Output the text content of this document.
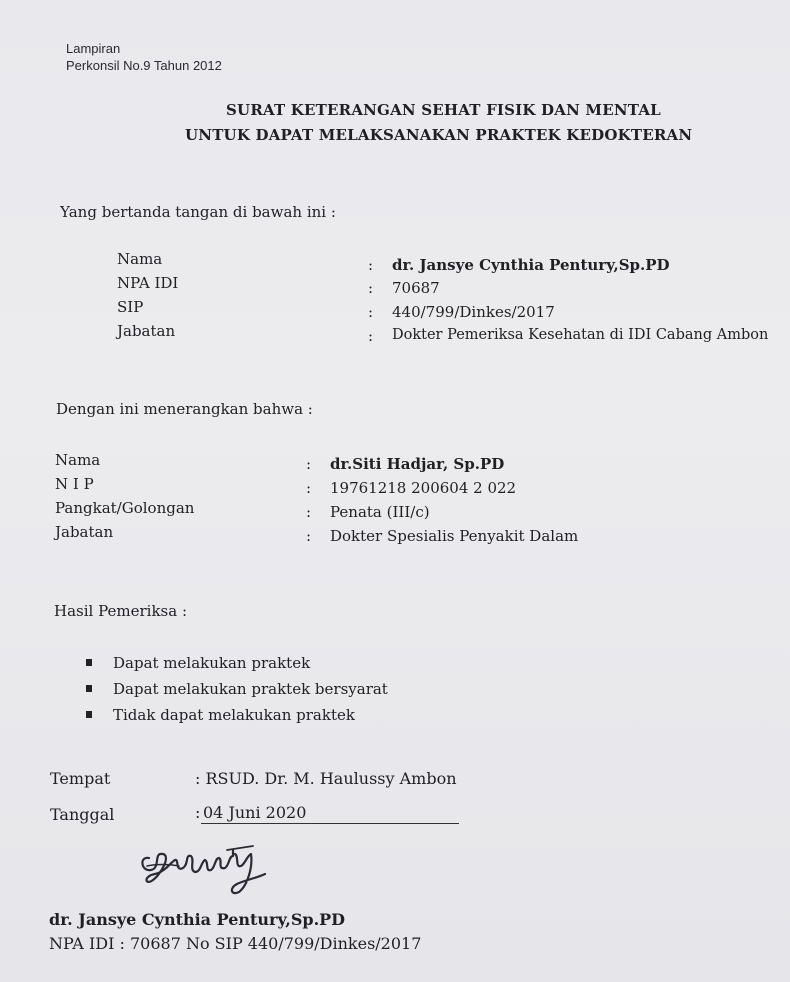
Lampiran
Perkonsil No.9 Tahun 2012
SURAT KETERANGAN SEHAT FISIK DAN MENTAL
UNTUK DAPAT MELAKSANAKAN PRAKTEK KEDOKTERAN
Yang bertanda tangan di bawah ini :
Nama	: dr. Jansye Cynthia Pentury,Sp.PD
NPA IDI	: 70687
SIP	: 440/799/Dinkes/2017
Jabatan	: Dokter Pemeriksa Kesehatan di IDI Cabang Ambon
Dengan ini menerangkan bahwa :
Nama	: dr.Siti Hadjar, Sp.PD
N I P	: 19761218 200604 2 022
Pangkat/Golongan	: Penata (III/c)
Jabatan	: Dokter Spesialis Penyakit Dalam
Hasil Pemeriksa :
Dapat melakukan praktek
Dapat melakukan praktek bersyarat
Tidak dapat melakukan praktek
Tempat	: RSUD. Dr. M. Haulussy Ambon
Tanggal	: 04 Juni 2020
dr. Jansye Cynthia Pentury,Sp.PD
NPA IDI : 70687 No SIP 440/799/Dinkes/2017
